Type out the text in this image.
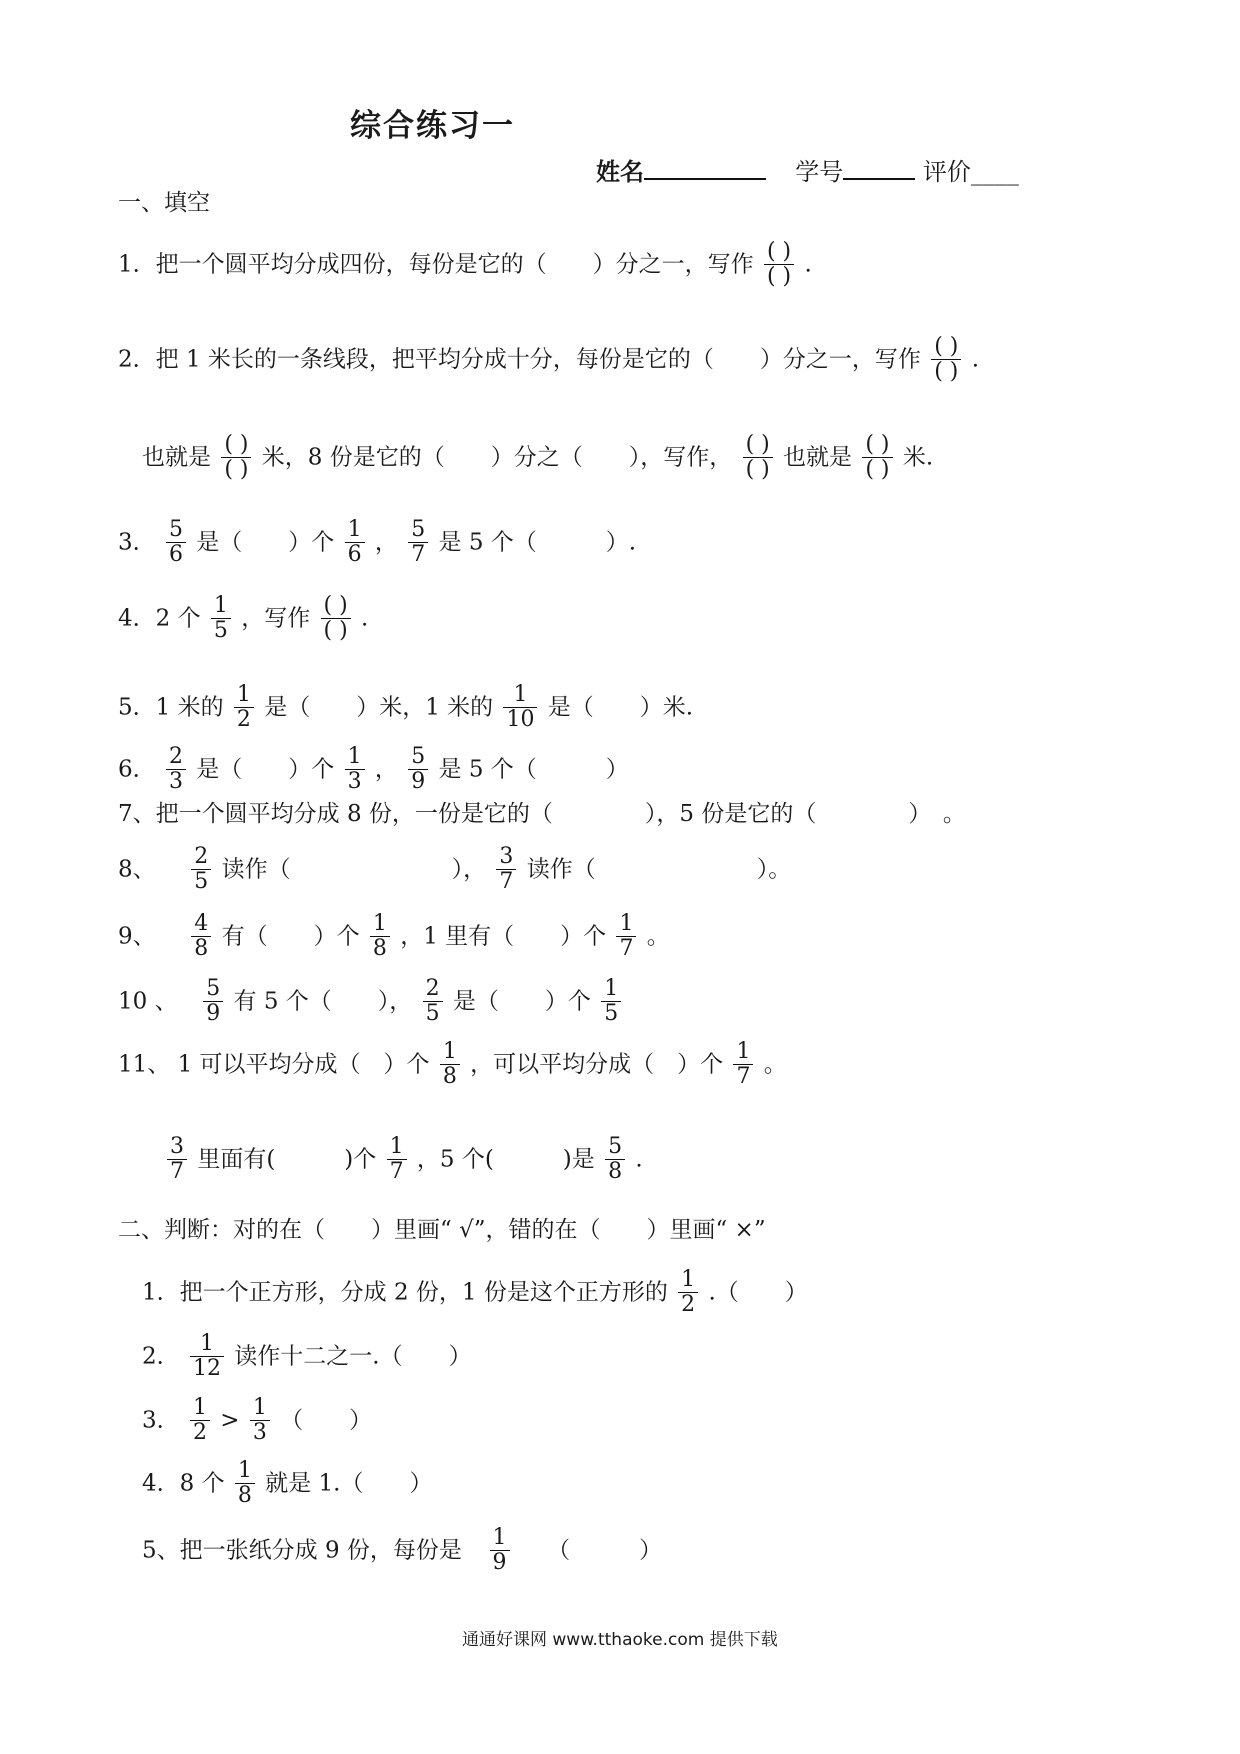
综合练习一
姓名	学号	评价____
一、填空
1．把一个圆平均分成四份，每份是它的（　　）分之一，写作 $\frac{( )}{( )}$ .
2．把 1 米长的一条线段，把平均分成十分，每份是它的（　　）分之一，写作 $\frac{( )}{( )}$ .
也就是 $\frac{( )}{( )}$ 米，8 份是它的（　　）分之（　　），写作， $\frac{( )}{( )}$ 也就是 $\frac{( )}{( )}$ 米.
3． $\frac{5}{6}$ 是（　　）个 $\frac{1}{6}$ ， $\frac{5}{7}$ 是 5 个（　　　）.
4．2 个 $\frac{1}{5}$ ，写作 $\frac{( )}{( )}$ .
5．1 米的 $\frac{1}{2}$ 是（　　）米，1 米的 $\frac{1}{10}$ 是（　　）米.
6． $\frac{2}{3}$ 是（　　）个 $\frac{1}{3}$ ， $\frac{5}{9}$ 是 5 个（　　　）
7、把一个圆平均分成 8 份，一份是它的（　　　　），5 份是它的（　　　　）　。
8、 $\frac{2}{5}$ 读作（　　　　　　　）， $\frac{3}{7}$ 读作（　　　　　　　）。
9、 $\frac{4}{8}$ 有（　　）个 $\frac{1}{8}$ ，1 里有（　　）个 $\frac{1}{7}$ 。
10 、 $\frac{5}{9}$ 有 5 个（　　）， $\frac{2}{5}$ 是（　　）个 $\frac{1}{5}$
11、 1 可以平均分成（　）个 $\frac{1}{8}$ ，可以平均分成（　）个 $\frac{1}{7}$ 。
$\frac{3}{7}$ 里面有(　　　)个 $\frac{1}{7}$ ，5 个(　　　)是 $\frac{5}{8}$ .
二、判断：对的在（　　）里画“ √”，错的在（　　）里画“ ×”
1．把一个正方形，分成 2 份，1 份是这个正方形的 $\frac{1}{2}$ .（　　）
2． $\frac{1}{12}$ 读作十二之一.（　　）
3． $\frac{1}{2} > \frac{1}{3}$ （　　）
4．8 个 $\frac{1}{8}$ 就是 1.（　　）
5、把一张纸分成 9 份，每份是 $\frac{1}{9}$ （　　　）
通通好课网 www.tthaoke.com 提供下载
